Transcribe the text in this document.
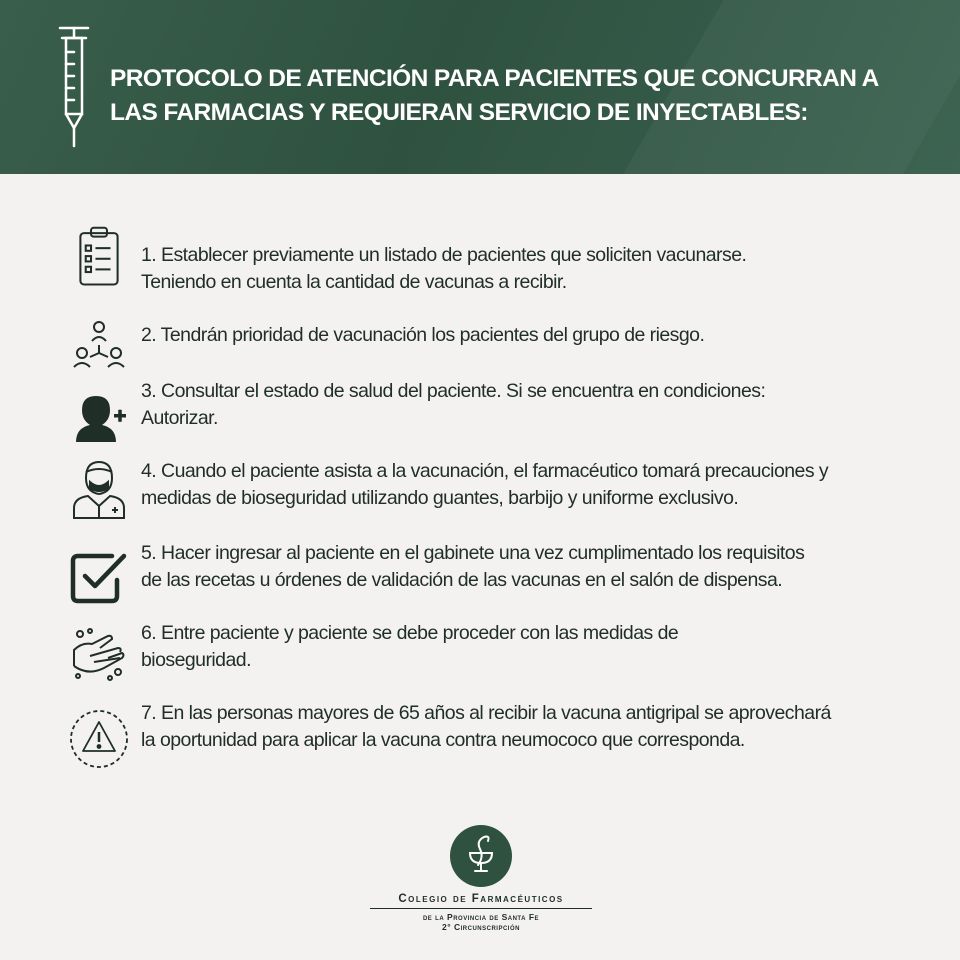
PROTOCOLO DE ATENCIÓN PARA PACIENTES QUE CONCURRAN A
LAS FARMACIAS Y REQUIERAN SERVICIO DE INYECTABLES:
1. Establecer previamente un listado de pacientes que soliciten vacunarse.
Teniendo en cuenta la cantidad de vacunas a recibir.
2. Tendrán prioridad de vacunación los pacientes del grupo de riesgo.
3. Consultar el estado de salud del paciente. Si se encuentra en condiciones:
Autorizar.
4. Cuando el paciente asista a la vacunación, el farmacéutico tomará precauciones y
medidas de bioseguridad utilizando guantes, barbijo y uniforme exclusivo.
5. Hacer ingresar al paciente en el gabinete una vez cumplimentado los requisitos
de las recetas u órdenes de validación de las vacunas en el salón de dispensa.
6. Entre paciente y paciente se debe proceder con las medidas de
bioseguridad.
7. En las personas mayores de 65 años al recibir la vacuna antigripal se aprovechará
la oportunidad para aplicar la vacuna contra neumococo que corresponda.
Colegio de Farmacéuticos
de la Provincia de Santa Fe
2° Circunscripción
